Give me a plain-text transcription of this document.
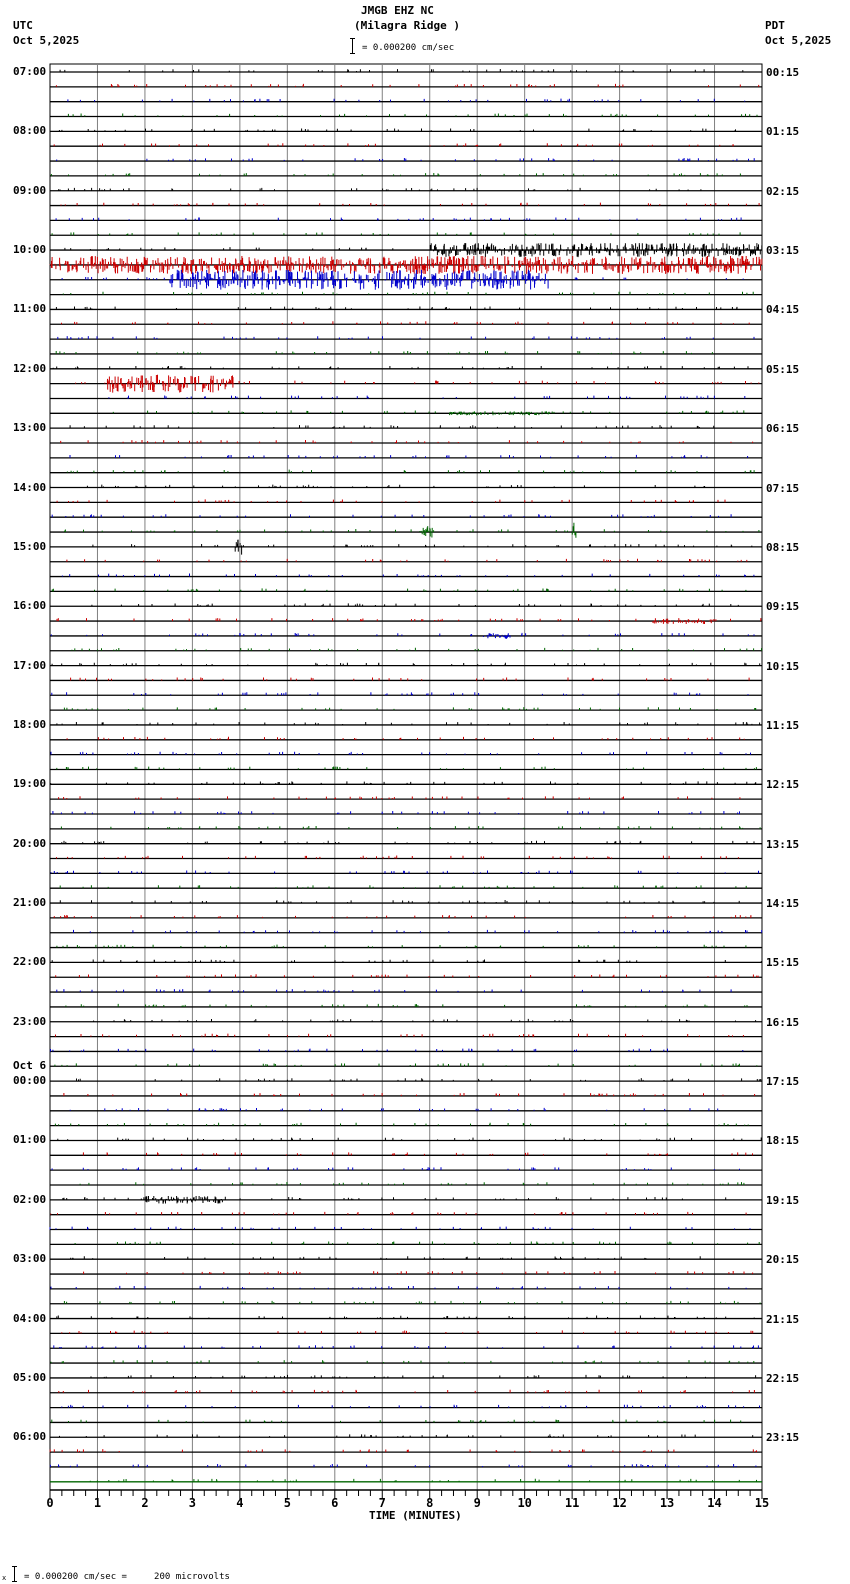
JMGB EHZ NC
(Milagra Ridge )
UTC
Oct 5,2025
PDT
Oct 5,2025
= 0.000200 cm/sec
0	1	2	3	4	5	6	7	8	9	10	11	12	13	14	15
07:00
08:00
09:00
10:00
11:00
12:00
13:00
14:00
15:00
16:00
17:00
18:00
19:00
20:00
21:00
22:00
23:00
Oct 6
00:00
01:00
02:00
03:00
04:00
05:00
06:00
00:15
01:15
02:15
03:15
04:15
05:15
06:15
07:15
08:15
09:15
10:15
11:15
12:15
13:15
14:15
15:15
16:15
17:15
18:15
19:15
20:15
21:15
22:15
23:15
TIME (MINUTES)
x = 0.000200 cm/sec =     200 microvolts
